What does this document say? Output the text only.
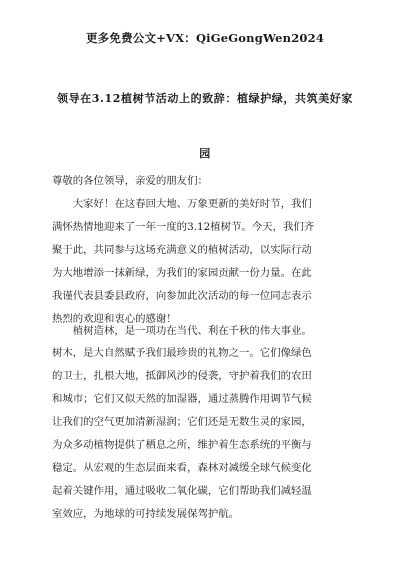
更多免费公文+VX：QiGeGongWen2024
领导在3.12植树节活动上的致辞：植绿护绿，共筑美好家
园
尊敬的各位领导，亲爱的朋友们：
　　大家好！在这春回大地、万象更新的美好时节，我们
满怀热情地迎来了一年一度的3.12植树节。今天，我们齐
聚于此，共同参与这场充满意义的植树活动，以实际行动
为大地增添一抹新绿，为我们的家园贡献一份力量。在此
我谨代表县委县政府，向参加此次活动的每一位同志表示
热烈的欢迎和衷心的感谢！
　　植树造林，是一项功在当代、利在千秋的伟大事业。
树木，是大自然赋予我们最珍贵的礼物之一。它们像绿色
的卫士，扎根大地，抵御风沙的侵袭，守护着我们的农田
和城市；它们又似天然的加湿器，通过蒸腾作用调节气候
让我们的空气更加清新湿润；它们还是无数生灵的家园，
为众多动植物提供了栖息之所，维护着生态系统的平衡与
稳定。从宏观的生态层面来看，森林对减缓全球气候变化
起着关键作用，通过吸收二氧化碳，它们帮助我们减轻温
室效应，为地球的可持续发展保驾护航。
